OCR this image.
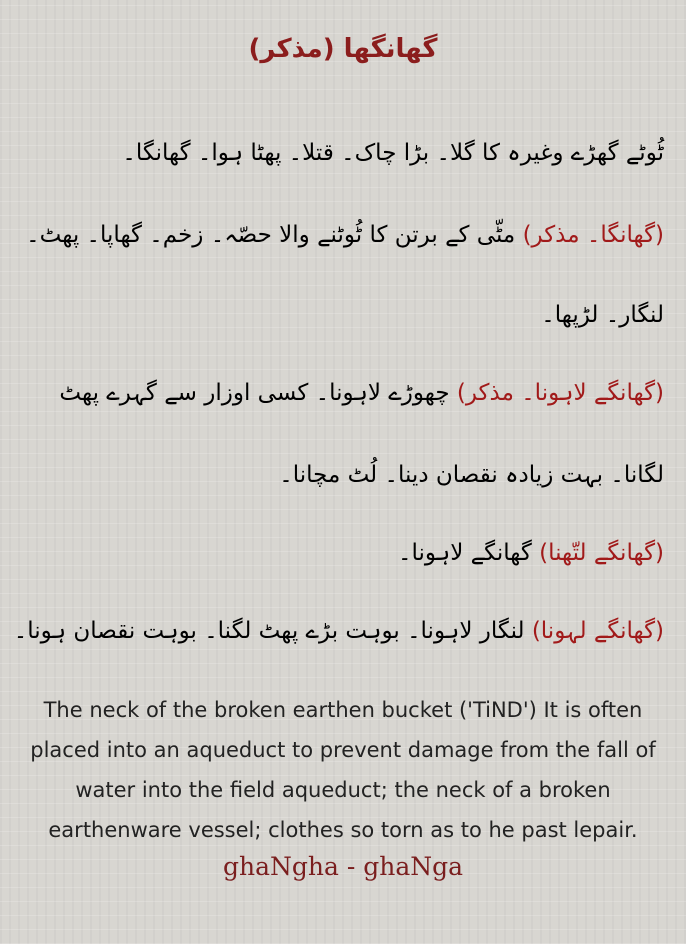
گھانگھا (مذکر)
ٹُوٹے گھڑے وغیرہ کا گلا۔ بڑا چاک۔ قتلا۔ پھٹا ہوا۔ گھانگا۔
(گھانگا۔ مذکر) مٹّی کے برتن کا ٹُوٹنے والا حصّہ۔ زخم۔ گھاپا۔ پھٹ۔
لنگار۔ لڑپھا۔
(گھانگے لاہونا۔ مذکر) چھوڑے لاہونا۔ کسی اوزار سے گہرے پھٹ
لگانا۔ بہت زیادہ نقصان دینا۔ لُٹ مچانا۔
(گھانگے لتّھنا) گھانگے لاہونا۔
(گھانگے لہونا) لنگار لاہونا۔ بوہت بڑے پھٹ لگنا۔ بوہت نقصان ہونا۔
The neck of the broken earthen bucket ('TiND') It is often placed into an aqueduct to prevent damage from the fall of water into the field aqueduct; the neck of a broken earthenware vessel; clothes so torn as to he past lepair.
ghaNgha - ghaNga
